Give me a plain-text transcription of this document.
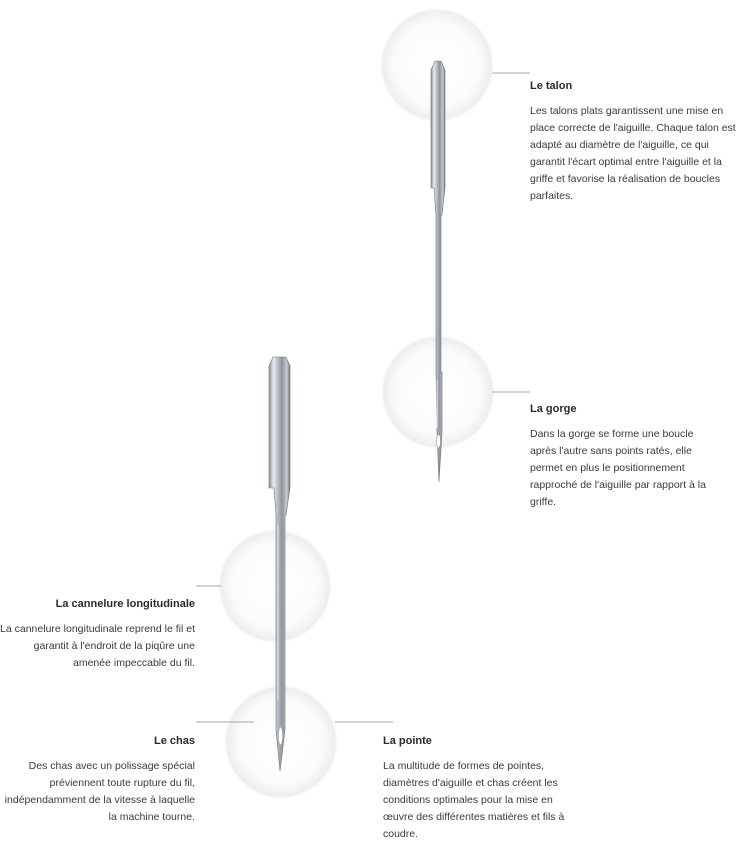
Le talon

Les talons plats garantissent une mise en place correcte de l'aiguille. Chaque talon est adapté au diamètre de l'aiguille, ce qui garantit l'écart optimal entre l'aiguille et la griffe et favorise la réalisation de boucles parfaites.

La gorge

Dans la gorge se forme une boucle après l'autre sans points ratés, elle permet en plus le positionnement rapproché de l'aiguille par rapport à la griffe.

La cannelure longitudinale

La cannelure longitudinale reprend le fil et garantit à l'endroit de la piqûre une amenée impeccable du fil.

Le chas

Des chas avec un polissage spécial préviennent toute rupture du fil, indépendamment de la vitesse à laquelle la machine tourne.

La pointe

La multitude de formes de pointes, diamètres d'aiguille et chas créent les conditions optimales pour la mise en œuvre des différentes matières et fils à coudre.
